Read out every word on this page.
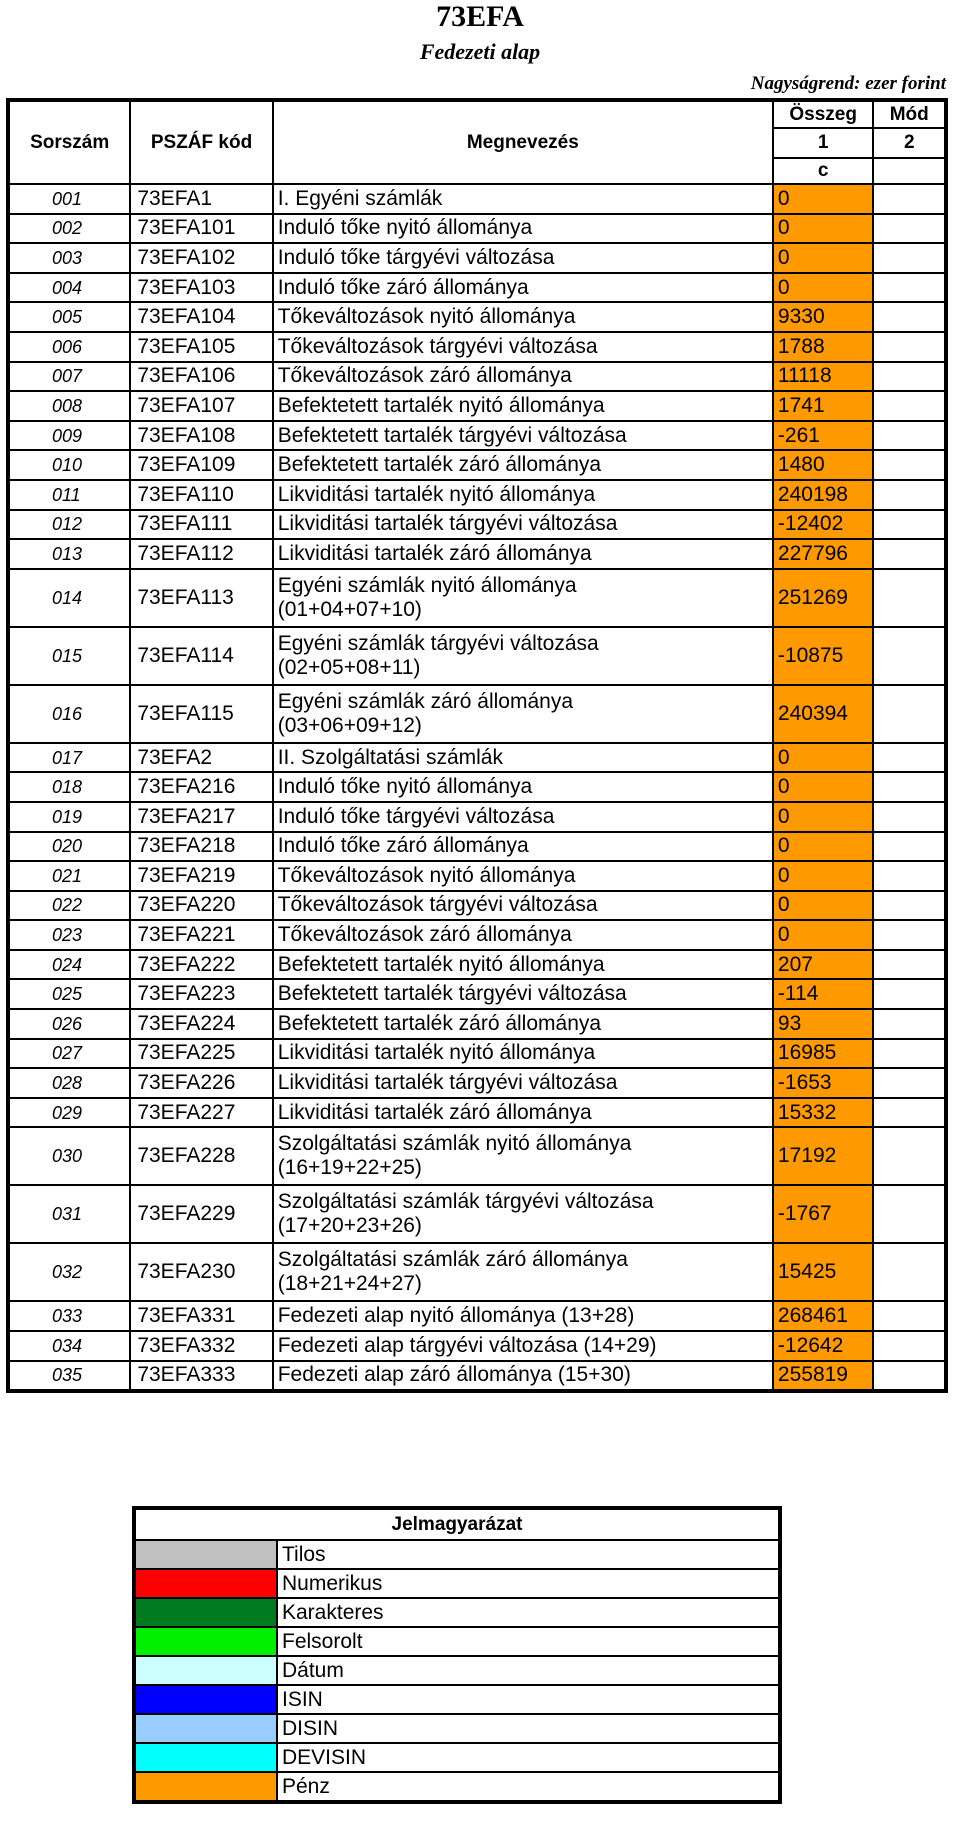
73EFA
Fedezeti alap
Nagyságrend: ezer forint
Sorszám	PSZÁF kód	Megnevezés	Összeg	Mód
			1	2
			c	
001	73EFA1	I. Egyéni számlák	0	
002	73EFA101	Induló tőke nyitó állománya	0	
003	73EFA102	Induló tőke tárgyévi változása	0	
004	73EFA103	Induló tőke záró állománya	0	
005	73EFA104	Tőkeváltozások nyitó állománya	9330	
006	73EFA105	Tőkeváltozások tárgyévi változása	1788	
007	73EFA106	Tőkeváltozások záró állománya	11118	
008	73EFA107	Befektetett tartalék nyitó állománya	1741	
009	73EFA108	Befektetett tartalék tárgyévi változása	-261	
010	73EFA109	Befektetett tartalék záró állománya	1480	
011	73EFA110	Likviditási tartalék nyitó állománya	240198	
012	73EFA111	Likviditási tartalék tárgyévi változása	-12402	
013	73EFA112	Likviditási tartalék záró állománya	227796	
014	73EFA113	Egyéni számlák nyitó állománya
(01+04+07+10)	251269	
015	73EFA114	Egyéni számlák tárgyévi változása
(02+05+08+11)	-10875	
016	73EFA115	Egyéni számlák záró állománya
(03+06+09+12)	240394	
017	73EFA2	II. Szolgáltatási számlák	0	
018	73EFA216	Induló tőke nyitó állománya	0	
019	73EFA217	Induló tőke tárgyévi változása	0	
020	73EFA218	Induló tőke záró állománya	0	
021	73EFA219	Tőkeváltozások nyitó állománya	0	
022	73EFA220	Tőkeváltozások tárgyévi változása	0	
023	73EFA221	Tőkeváltozások záró állománya	0	
024	73EFA222	Befektetett tartalék nyitó állománya	207	
025	73EFA223	Befektetett tartalék tárgyévi változása	-114	
026	73EFA224	Befektetett tartalék záró állománya	93	
027	73EFA225	Likviditási tartalék nyitó állománya	16985	
028	73EFA226	Likviditási tartalék tárgyévi változása	-1653	
029	73EFA227	Likviditási tartalék záró állománya	15332	
030	73EFA228	Szolgáltatási számlák nyitó állománya
(16+19+22+25)	17192	
031	73EFA229	Szolgáltatási számlák tárgyévi változása
(17+20+23+26)	-1767	
032	73EFA230	Szolgáltatási számlák záró állománya
(18+21+24+27)	15425	
033	73EFA331	Fedezeti alap nyitó állománya (13+28)	268461	
034	73EFA332	Fedezeti alap tárgyévi változása (14+29)	-12642	
035	73EFA333	Fedezeti alap záró állománya (15+30)	255819	
Jelmagyarázat	
	Tilos
	Numerikus
	Karakteres
	Felsorolt
	Dátum
	ISIN
	DISIN
	DEVISIN
	Pénz
